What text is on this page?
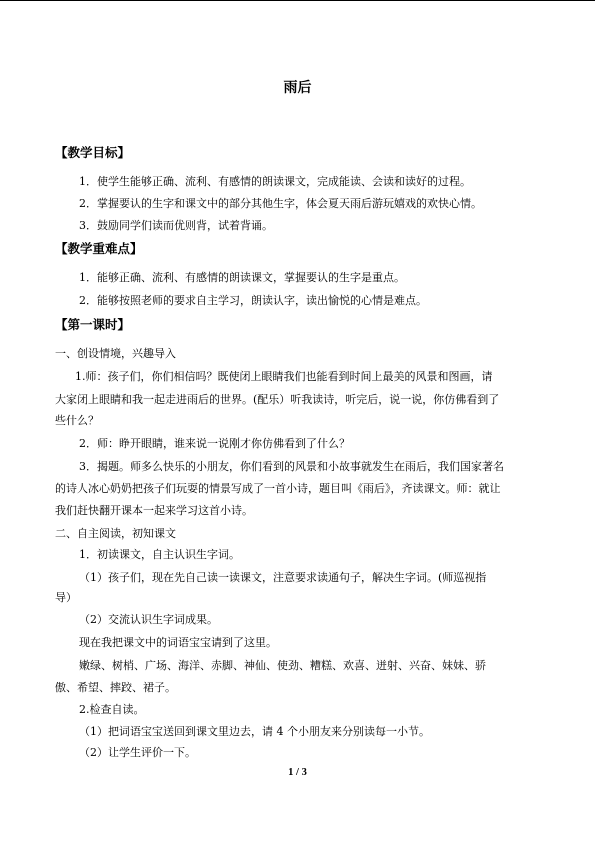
雨后
【教学目标】
1．使学生能够正确、流利、有感情的朗读课文，完成能读、会读和读好的过程。
2．掌握要认的生字和课文中的部分其他生字，体会夏天雨后游玩嬉戏的欢快心情。
3．鼓励同学们读而优则背，试着背诵。
【教学重难点】
1．能够正确、流利、有感情的朗读课文，掌握要认的生字是重点。
2．能够按照老师的要求自主学习，朗读认字，读出愉悦的心情是难点。
【第一课时】
一、创设情境，兴趣导入
1.师：孩子们，你们相信吗？既使闭上眼睛我们也能看到时间上最美的风景和图画，请
大家闭上眼睛和我一起走进雨后的世界。(配乐）听我读诗，听完后，说一说，你仿佛看到了
些什么？
2．师：睁开眼睛，谁来说一说刚才你仿佛看到了什么？
3．揭题。师多么快乐的小朋友，你们看到的风景和小故事就发生在雨后，我们国家著名
的诗人冰心奶奶把孩子们玩耍的情景写成了一首小诗，题目叫《雨后》，齐读课文。师：就让
我们赶快翻开课本一起来学习这首小诗。
二、自主阅读，初知课文
1．初读课文，自主认识生字词。
（1）孩子们，现在先自己读一读课文，注意要求读通句子，解决生字词。(师巡视指
导）
（2）交流认识生字词成果。
现在我把课文中的词语宝宝请到了这里。
嫩绿、树梢、广场、海洋、赤脚、神仙、使劲、糟糕、欢喜、迸射、兴奋、妹妹、骄
傲、希望、摔跤、裙子。
2.检查自读。
（1）把词语宝宝送回到课文里边去，请 4 个小朋友来分别读每一小节。
（2）让学生评价一下。
1 / 3
